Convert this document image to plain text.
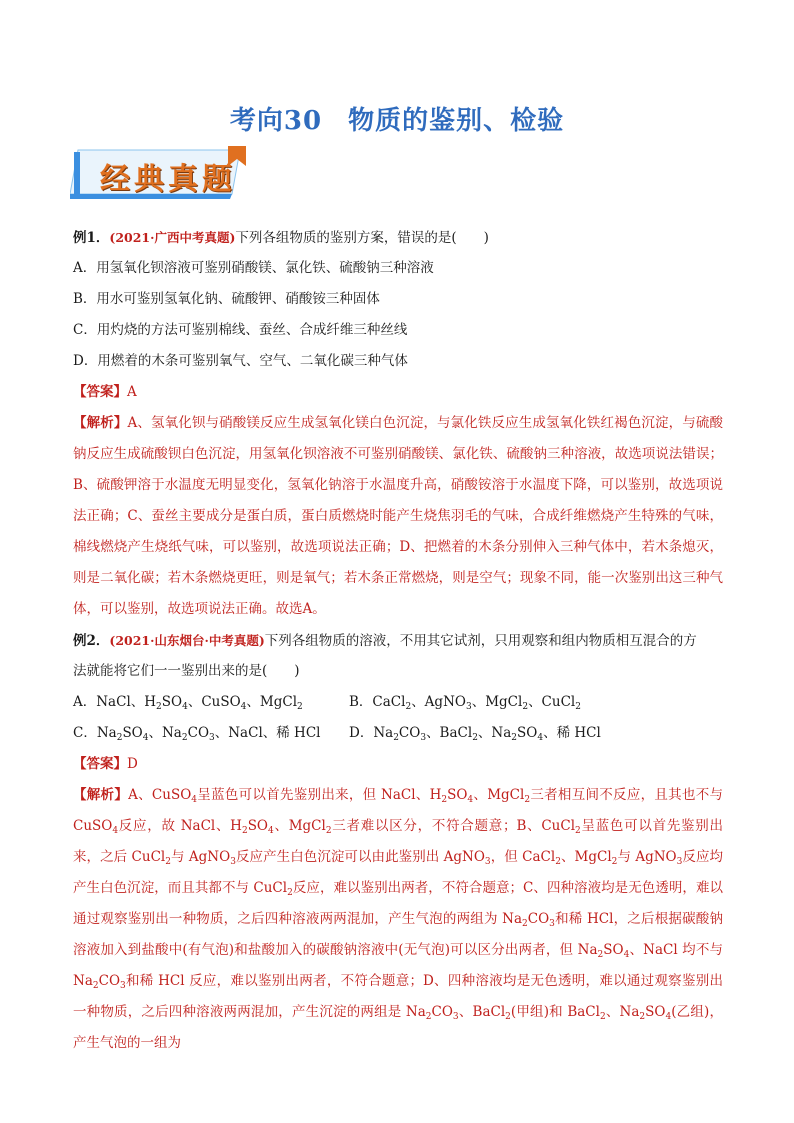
考向30 物质的鉴别、检验
经典真题
例1．(2021·广西中考真题)下列各组物质的鉴别方案，错误的是(　　)
A．用氢氧化钡溶液可鉴别硝酸镁、氯化铁、硫酸钠三种溶液
B．用水可鉴别氢氧化钠、硫酸钾、硝酸铵三种固体
C．用灼烧的方法可鉴别棉线、蚕丝、合成纤维三种丝线
D．用燃着的木条可鉴别氧气、空气、二氧化碳三种气体
【答案】A
【解析】A、氢氧化钡与硝酸镁反应生成氢氧化镁白色沉淀，与氯化铁反应生成氢氧化铁红褐色沉淀，与硫酸钠反应生成硫酸钡白色沉淀，用氢氧化钡溶液不可鉴别硝酸镁、氯化铁、硫酸钠三种溶液，故选项说法错误；B、硫酸钾溶于水温度无明显变化，氢氧化钠溶于水温度升高，硝酸铵溶于水温度下降，可以鉴别，故选项说法正确；C、蚕丝主要成分是蛋白质，蛋白质燃烧时能产生烧焦羽毛的气味，合成纤维燃烧产生特殊的气味，棉线燃烧产生烧纸气味，可以鉴别，故选项说法正确；D、把燃着的木条分别伸入三种气体中，若木条熄灭，则是二氧化碳；若木条燃烧更旺，则是氧气；若木条正常燃烧，则是空气；现象不同，能一次鉴别出这三种气体，可以鉴别，故选项说法正确。故选A。
例2．(2021·山东烟台·中考真题)下列各组物质的溶液，不用其它试剂，只用观察和组内物质相互混合的方
法就能将它们一一鉴别出来的是(　　)
A．NaCl、$H_2SO_4$、CuSO$_4$、MgCl$_2$	B．CaCl$_2$、AgNO$_3$、MgCl$_2$、CuCl$_2$
C．$Na_2SO_4$、$Na_2CO_3$、NaCl、稀 HCl	D．$Na_2CO_3$、BaCl$_2$、$Na_2SO_4$、稀 HCl
【答案】D
【解析】A、CuSO$_4$呈蓝色可以首先鉴别出来，但 NaCl、$H_2SO_4$、MgCl$_2$三者相互间不反应，且其也不与 CuSO$_4$反应，故 NaCl、$H_2SO_4$、MgCl$_2$三者难以区分，不符合题意；B、CuCl$_2$呈蓝色可以首先鉴别出来，之后 CuCl$_2$与 AgNO$_3$反应产生白色沉淀可以由此鉴别出 AgNO$_3$，但 CaCl$_2$、MgCl$_2$与 AgNO$_3$反应均产生白色沉淀，而且其都不与 CuCl$_2$反应，难以鉴别出两者，不符合题意；C、四种溶液均是无色透明，难以通过观察鉴别出一种物质，之后四种溶液两两混加，产生气泡的两组为 $Na_2CO_3$和稀 HCl，之后根据碳酸钠溶液加入到盐酸中(有气泡)和盐酸加入的碳酸钠溶液中(无气泡)可以区分出两者，但 $Na_2SO_4$、NaCl 均不与 $Na_2CO_3$和稀 HCl 反应，难以鉴别出两者，不符合题意；D、四种溶液均是无色透明，难以通过观察鉴别出一种物质，之后四种溶液两两混加，产生沉淀的两组是 $Na_2CO_3$、BaCl$_2$(甲组)和 BaCl$_2$、$Na_2SO_4$(乙组)，产生气泡的一组为
